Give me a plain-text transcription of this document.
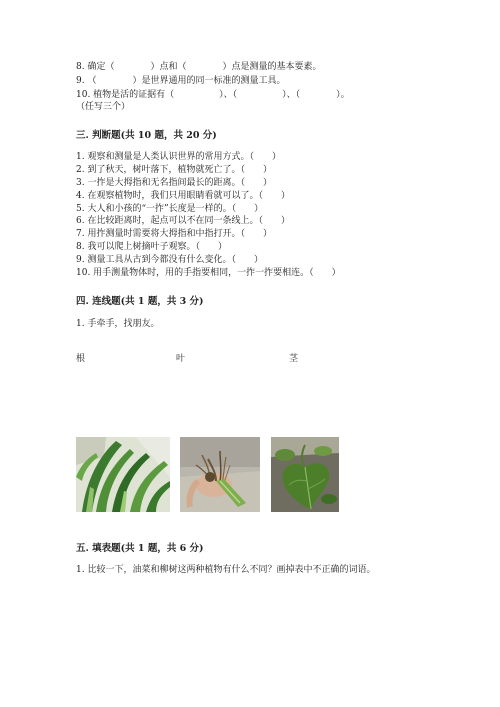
8. 确定（　　　　）点和（　　　　）点是测量的基本要素。
9. （　　　　）是世界通用的同一标准的测量工具。
10. 植物是活的证据有（　　　　　）、（　　　　　）、（　　　　）。
（任写三个）
三. 判断题(共 10 题，共 20 分)
1. 观察和测量是人类认识世界的常用方式。（　　）
2. 到了秋天，树叶落下，植物就死亡了。（　　）
3. 一拃是大拇指和无名指间最长的距离。（　　）
4. 在观察植物时，我们只用眼睛看就可以了。（　　）
5. 大人和小孩的“一拃”长度是一样的。（　　）
6. 在比较距离时，起点可以不在同一条线上。（　　）
7. 用拃测量时需要将大拇指和中指打开。（　　）
8. 我可以爬上树摘叶子观察。（　　）
9. 测量工具从古到今都没有什么变化。（　　）
10. 用手测量物体时，用的手指要相同，一拃一拃要相连。（　　）
四. 连线题(共 1 题，共 3 分)
1. 手牵手，找朋友。
根	叶	茎
五. 填表题(共 1 题，共 6 分)
1. 比较一下，油菜和柳树这两种植物有什么不同？画掉表中不正确的词语。
